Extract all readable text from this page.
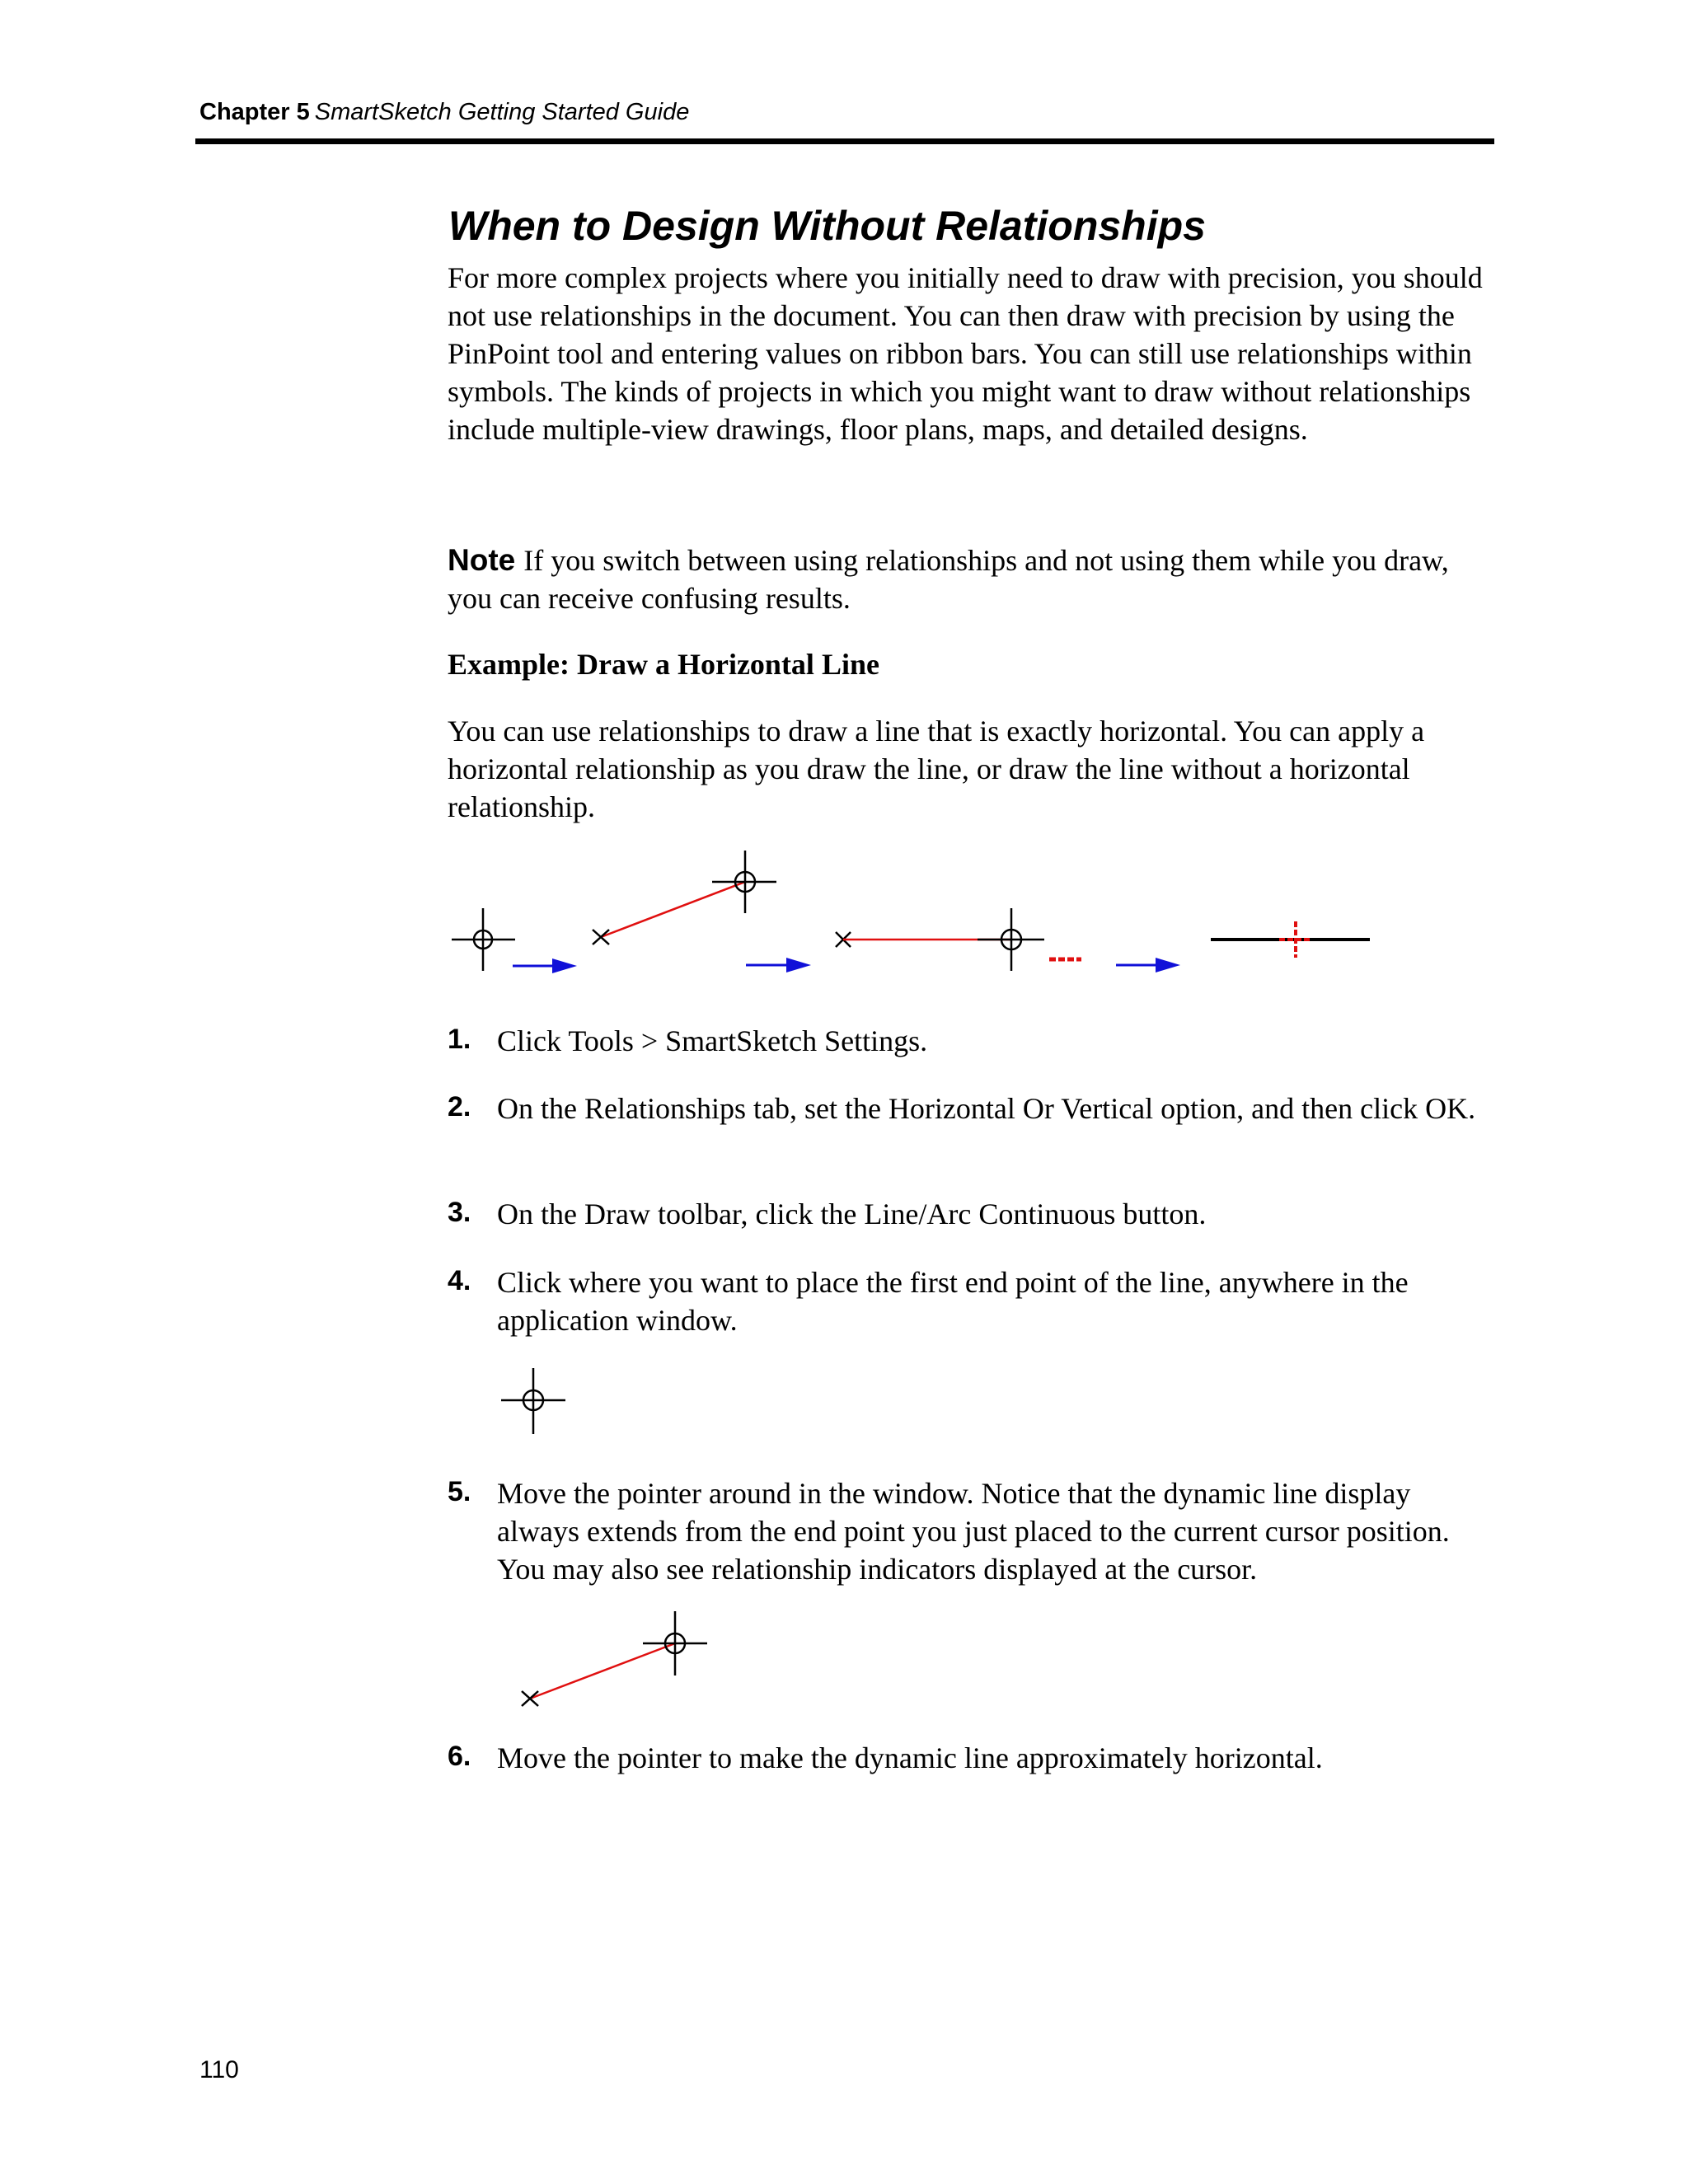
Chapter 5 SmartSketch Getting Started Guide
When to Design Without Relationships

For more complex projects where you initially need to draw with precision, you should not use relationships in the document. You can then draw with precision by using the PinPoint tool and entering values on ribbon bars. You can still use relationships within symbols. The kinds of projects in which you might want to draw without relationships include multiple-view drawings, floor plans, maps, and detailed designs.

Note If you switch between using relationships and not using them while you draw, you can receive confusing results.

Example: Draw a Horizontal Line

You can use relationships to draw a line that is exactly horizontal. You can apply a horizontal relationship as you draw the line, or draw the line without a horizontal relationship.

1. Click Tools > SmartSketch Settings.
2. On the Relationships tab, set the Horizontal Or Vertical option, and then click OK.
3. On the Draw toolbar, click the Line/Arc Continuous button.
4. Click where you want to place the first end point of the line, anywhere in the application window.
5. Move the pointer around in the window. Notice that the dynamic line display always extends from the end point you just placed to the current cursor position. You may also see relationship indicators displayed at the cursor.
6. Move the pointer to make the dynamic line approximately horizontal.
110
